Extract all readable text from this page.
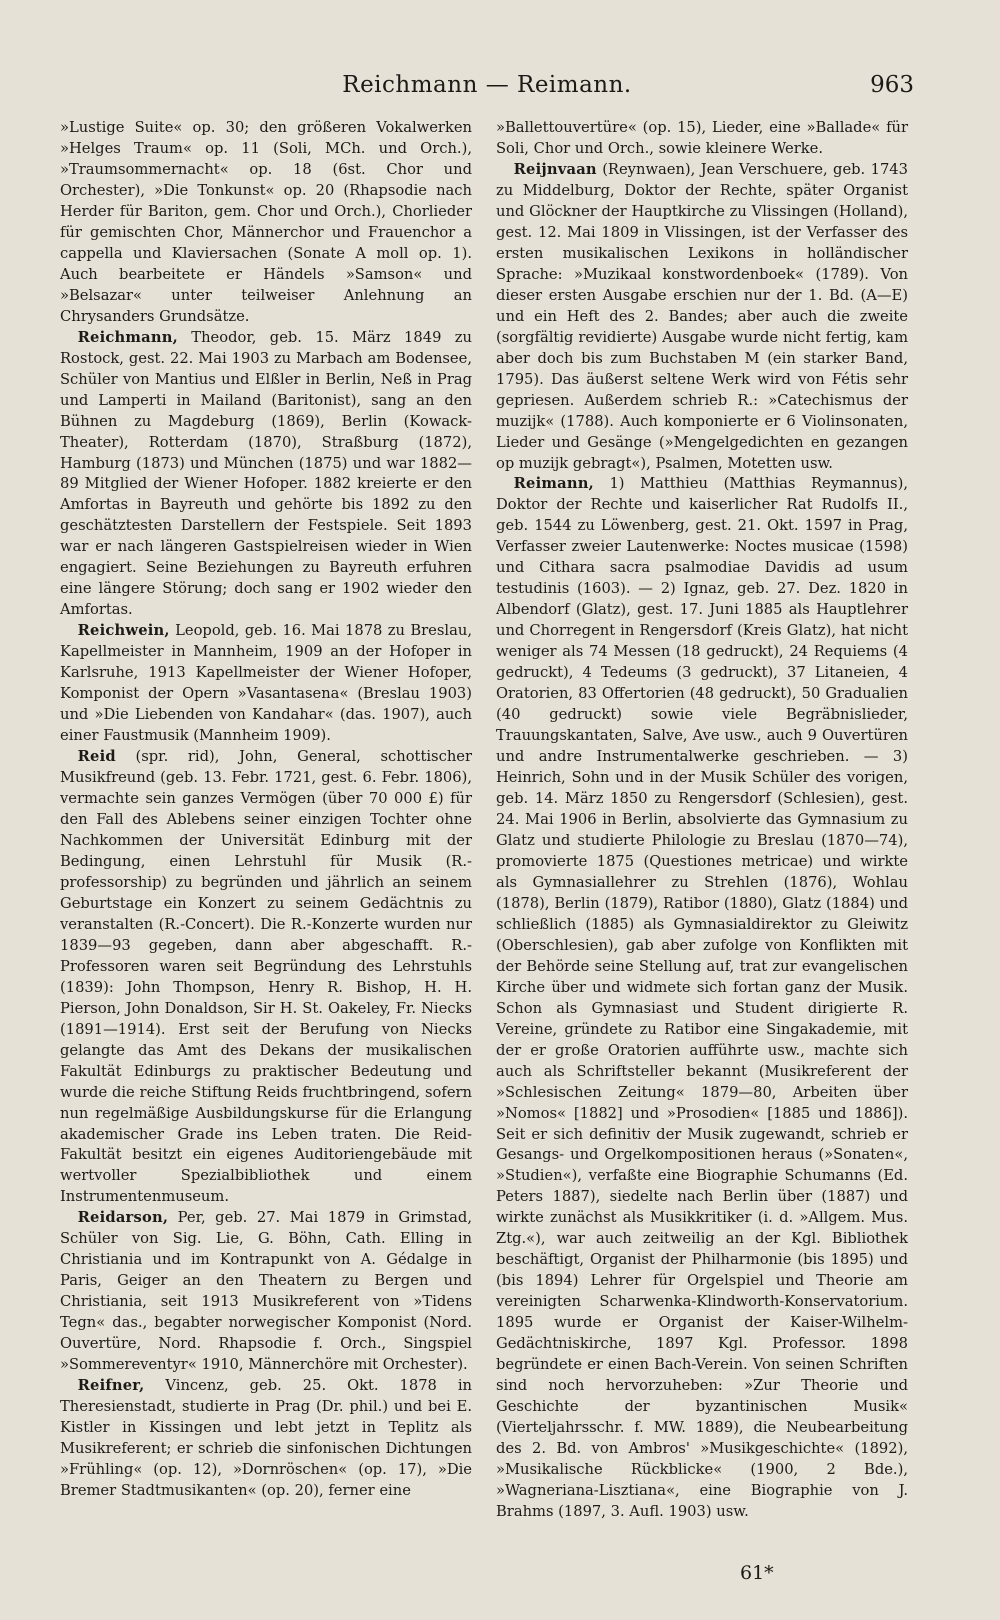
Reichmann — Reimann.	963

»Lustige Suite« op. 30; den größeren Vokalwerken »Helges Traum« op. 11 (Soli, MCh. und Orch.), »Traumsommernacht« op. 18 (6st. Chor und Orchester), »Die Tonkunst« op. 20 (Rhapsodie nach Herder für Bariton, gem. Chor und Orch.), Chorlieder für gemischten Chor, Männerchor und Frauenchor a cappella und Klaviersachen (Sonate A moll op. 1). Auch bearbeitete er Händels »Samson« und »Belsazar« unter teilweiser Anlehnung an Chrysanders Grundsätze.

Reichmann, Theodor, geb. 15. März 1849 zu Rostock, gest. 22. Mai 1903 zu Marbach am Bodensee, Schüler von Mantius und Elßler in Berlin, Neß in Prag und Lamperti in Mailand (Baritonist), sang an den Bühnen zu Magdeburg (1869), Berlin (Kowack-Theater), Rotterdam (1870), Straßburg (1872), Hamburg (1873) und München (1875) und war 1882—89 Mitglied der Wiener Hofoper. 1882 kreierte er den Amfortas in Bayreuth und gehörte bis 1892 zu den geschätztesten Darstellern der Festspiele. Seit 1893 war er nach längeren Gastspielreisen wieder in Wien engagiert. Seine Beziehungen zu Bayreuth erfuhren eine längere Störung; doch sang er 1902 wieder den Amfortas.

Reichwein, Leopold, geb. 16. Mai 1878 zu Breslau, Kapellmeister in Mannheim, 1909 an der Hofoper in Karlsruhe, 1913 Kapellmeister der Wiener Hofoper, Komponist der Opern »Vasantasena« (Breslau 1903) und »Die Liebenden von Kandahar« (das. 1907), auch einer Faustmusik (Mannheim 1909).

Reid (spr. rid), John, General, schottischer Musikfreund (geb. 13. Febr. 1721, gest. 6. Febr. 1806), vermachte sein ganzes Vermögen (über 70 000 £) für den Fall des Ablebens seiner einzigen Tochter ohne Nachkommen der Universität Edinburg mit der Bedingung, einen Lehrstuhl für Musik (R.-professorship) zu begründen und jährlich an seinem Geburtstage ein Konzert zu seinem Gedächtnis zu veranstalten (R.-Concert). Die R.-Konzerte wurden nur 1839—93 gegeben, dann aber abgeschafft. R.-Professoren waren seit Begründung des Lehrstuhls (1839): John Thompson, Henry R. Bishop, H. H. Pierson, John Donaldson, Sir H. St. Oakeley, Fr. Niecks (1891—1914). Erst seit der Berufung von Niecks gelangte das Amt des Dekans der musikalischen Fakultät Edinburgs zu praktischer Bedeutung und wurde die reiche Stiftung Reids fruchtbringend, sofern nun regelmäßige Ausbildungskurse für die Erlangung akademischer Grade ins Leben traten. Die Reid-Fakultät besitzt ein eigenes Auditoriengebäude mit wertvoller Spezialbibliothek und einem Instrumentenmuseum.

Reidarson, Per, geb. 27. Mai 1879 in Grimstad, Schüler von Sig. Lie, G. Böhn, Cath. Elling in Christiania und im Kontrapunkt von A. Gédalge in Paris, Geiger an den Theatern zu Bergen und Christiania, seit 1913 Musikreferent von »Tidens Tegn« das., begabter norwegischer Komponist (Nord. Ouvertüre, Nord. Rhapsodie f. Orch., Singspiel »Sommereventyr« 1910, Männerchöre mit Orchester).

Reifner, Vincenz, geb. 25. Okt. 1878 in Theresienstadt, studierte in Prag (Dr. phil.) und bei E. Kistler in Kissingen und lebt jetzt in Teplitz als Musikreferent; er schrieb die sinfonischen Dichtungen »Frühling« (op. 12), »Dornröschen« (op. 17), »Die Bremer Stadtmusikanten« (op. 20), ferner eine

»Ballettouvertüre« (op. 15), Lieder, eine »Ballade« für Soli, Chor und Orch., sowie kleinere Werke.

Reijnvaan (Reynwaen), Jean Verschuere, geb. 1743 zu Middelburg, Doktor der Rechte, später Organist und Glöckner der Hauptkirche zu Vlissingen (Holland), gest. 12. Mai 1809 in Vlissingen, ist der Verfasser des ersten musikalischen Lexikons in holländischer Sprache: »Muzikaal konstwordenboek« (1789). Von dieser ersten Ausgabe erschien nur der 1. Bd. (A—E) und ein Heft des 2. Bandes; aber auch die zweite (sorgfältig revidierte) Ausgabe wurde nicht fertig, kam aber doch bis zum Buchstaben M (ein starker Band, 1795). Das äußerst seltene Werk wird von Fétis sehr gepriesen. Außerdem schrieb R.: »Catechismus der muzijk« (1788). Auch komponierte er 6 Violinsonaten, Lieder und Gesänge (»Mengelgedichten en gezangen op muzijk gebragt«), Psalmen, Motetten usw.

Reimann, 1) Matthieu (Matthias Reymannus), Doktor der Rechte und kaiserlicher Rat Rudolfs II., geb. 1544 zu Löwenberg, gest. 21. Okt. 1597 in Prag, Verfasser zweier Lautenwerke: Noctes musicae (1598) und Cithara sacra psalmodiae Davidis ad usum testudinis (1603). — 2) Ignaz, geb. 27. Dez. 1820 in Albendorf (Glatz), gest. 17. Juni 1885 als Hauptlehrer und Chorregent in Rengersdorf (Kreis Glatz), hat nicht weniger als 74 Messen (18 gedruckt), 24 Requiems (4 gedruckt), 4 Tedeums (3 gedruckt), 37 Litaneien, 4 Oratorien, 83 Offertorien (48 gedruckt), 50 Gradualien (40 gedruckt) sowie viele Begräbnislieder, Trauungskantaten, Salve, Ave usw., auch 9 Ouvertüren und andre Instrumentalwerke geschrieben. — 3) Heinrich, Sohn und in der Musik Schüler des vorigen, geb. 14. März 1850 zu Rengersdorf (Schlesien), gest. 24. Mai 1906 in Berlin, absolvierte das Gymnasium zu Glatz und studierte Philologie zu Breslau (1870—74), promovierte 1875 (Questiones metricae) und wirkte als Gymnasiallehrer zu Strehlen (1876), Wohlau (1878), Berlin (1879), Ratibor (1880), Glatz (1884) und schließlich (1885) als Gymnasialdirektor zu Gleiwitz (Oberschlesien), gab aber zufolge von Konflikten mit der Behörde seine Stellung auf, trat zur evangelischen Kirche über und widmete sich fortan ganz der Musik. Schon als Gymnasiast und Student dirigierte R. Vereine, gründete zu Ratibor eine Singakademie, mit der er große Oratorien aufführte usw., machte sich auch als Schriftsteller bekannt (Musikreferent der »Schlesischen Zeitung« 1879—80, Arbeiten über »Nomos« [1882] und »Prosodien« [1885 und 1886]). Seit er sich definitiv der Musik zugewandt, schrieb er Gesangs- und Orgelkompositionen heraus (»Sonaten«, »Studien«), verfaßte eine Biographie Schumanns (Ed. Peters 1887), siedelte nach Berlin über (1887) und wirkte zunächst als Musikkritiker (i. d. »Allgem. Mus. Ztg.«), war auch zeitweilig an der Kgl. Bibliothek beschäftigt, Organist der Philharmonie (bis 1895) und (bis 1894) Lehrer für Orgelspiel und Theorie am vereinigten Scharwenka-Klindworth-Konservatorium. 1895 wurde er Organist der Kaiser-Wilhelm-Gedächtniskirche, 1897 Kgl. Professor. 1898 begründete er einen Bach-Verein. Von seinen Schriften sind noch hervorzuheben: »Zur Theorie und Geschichte der byzantinischen Musik« (Vierteljahrsschr. f. MW. 1889), die Neubearbeitung des 2. Bd. von Ambros' »Musikgeschichte« (1892), »Musikalische Rückblicke« (1900, 2 Bde.), »Wagneriana-Lisztiana«, eine Biographie von J. Brahms (1897, 3. Aufl. 1903) usw.

61*
